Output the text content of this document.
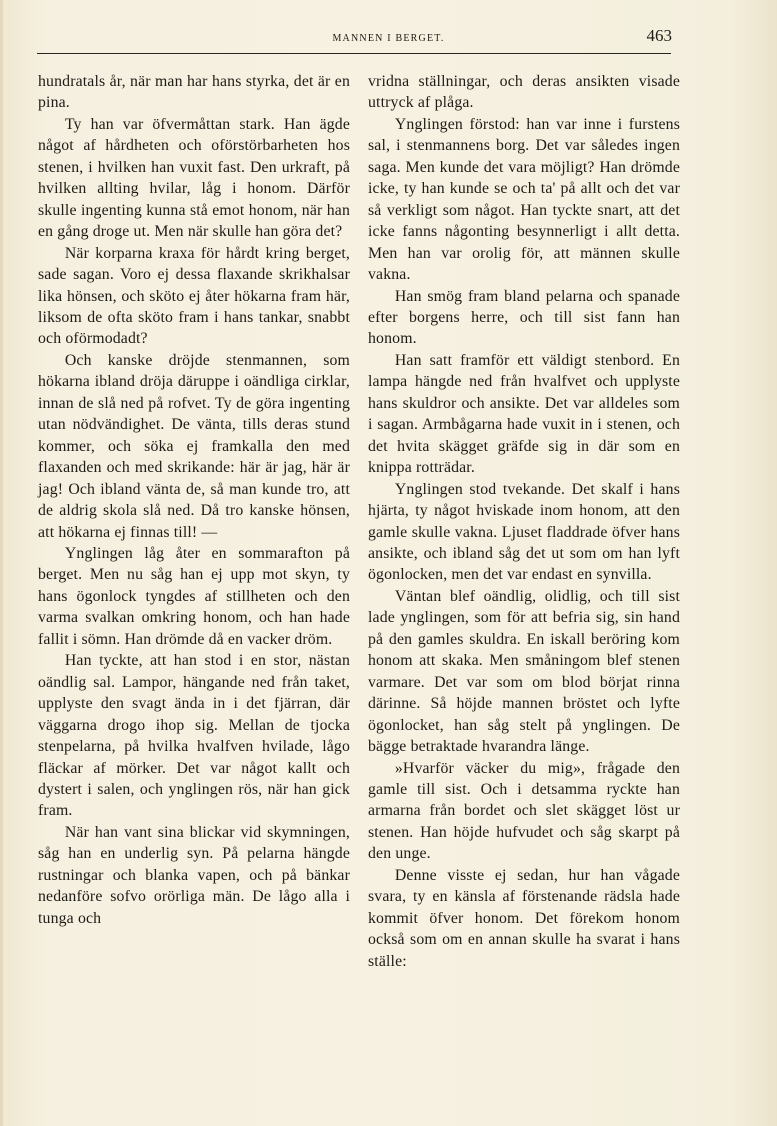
MANNEN I BERGET.	463

hundratals år, när man har hans styrka, det är en pina.

Ty han var öfvermåttan stark. Han ägde något af hårdheten och oförstörbarheten hos stenen, i hvilken han vuxit fast. Den urkraft, på hvilken allting hvilar, låg i honom. Därför skulle ingenting kunna stå emot honom, när han en gång droge ut. Men när skulle han göra det?

När korparna kraxa för hårdt kring berget, sade sagan. Voro ej dessa flaxande skrikhalsar lika hönsen, och sköto ej åter hökarna fram här, liksom de ofta sköto fram i hans tankar, snabbt och oförmodadt?

Och kanske dröjde stenmannen, som hökarna ibland dröja däruppe i oändliga cirklar, innan de slå ned på rofvet. Ty de göra ingenting utan nödvändighet. De vänta, tills deras stund kommer, och söka ej framkalla den med flaxanden och med skrikande: här är jag, här är jag! Och ibland vänta de, så man kunde tro, att de aldrig skola slå ned. Då tro kanske hönsen, att hökarna ej finnas till! —

Ynglingen låg åter en sommarafton på berget. Men nu såg han ej upp mot skyn, ty hans ögonlock tyngdes af stillheten och den varma svalkan omkring honom, och han hade fallit i sömn. Han drömde då en vacker dröm.

Han tyckte, att han stod i en stor, nästan oändlig sal. Lampor, hängande ned från taket, upplyste den svagt ända in i det fjärran, där väggarna drogo ihop sig. Mellan de tjocka stenpelarna, på hvilka hvalfven hvilade, lågo fläckar af mörker. Det var något kallt och dystert i salen, och ynglingen rös, när han gick fram.

När han vant sina blickar vid skymningen, såg han en underlig syn. På pelarna hängde rustningar och blanka vapen, och på bänkar nedanföre sofvo orörliga män. De lågo alla i tunga och

vridna ställningar, och deras ansikten visade uttryck af plåga.

Ynglingen förstod: han var inne i furstens sal, i stenmannens borg. Det var således ingen saga. Men kunde det vara möjligt? Han drömde icke, ty han kunde se och ta' på allt och det var så verkligt som något. Han tyckte snart, att det icke fanns någonting besynnerligt i allt detta. Men han var orolig för, att männen skulle vakna.

Han smög fram bland pelarna och spanade efter borgens herre, och till sist fann han honom.

Han satt framför ett väldigt stenbord. En lampa hängde ned från hvalfvet och upplyste hans skuldror och ansikte. Det var alldeles som i sagan. Armbågarna hade vuxit in i stenen, och det hvita skägget gräfde sig in där som en knippa rotträdar.

Ynglingen stod tvekande. Det skalf i hans hjärta, ty något hviskade inom honom, att den gamle skulle vakna. Ljuset fladdrade öfver hans ansikte, och ibland såg det ut som om han lyft ögonlocken, men det var endast en synvilla.

Väntan blef oändlig, olidlig, och till sist lade ynglingen, som för att befria sig, sin hand på den gamles skuldra. En iskall beröring kom honom att skaka. Men småningom blef stenen varmare. Det var som om blod börjat rinna därinne. Så höjde mannen bröstet och lyfte ögonlocket, han såg stelt på ynglingen. De bägge betraktade hvarandra länge.

»Hvarför väcker du mig», frågade den gamle till sist. Och i detsamma ryckte han armarna från bordet och slet skägget löst ur stenen. Han höjde hufvudet och såg skarpt på den unge.

Denne visste ej sedan, hur han vågade svara, ty en känsla af förstenande rädsla hade kommit öfver honom. Det förekom honom också som om en annan skulle ha svarat i hans ställe:
